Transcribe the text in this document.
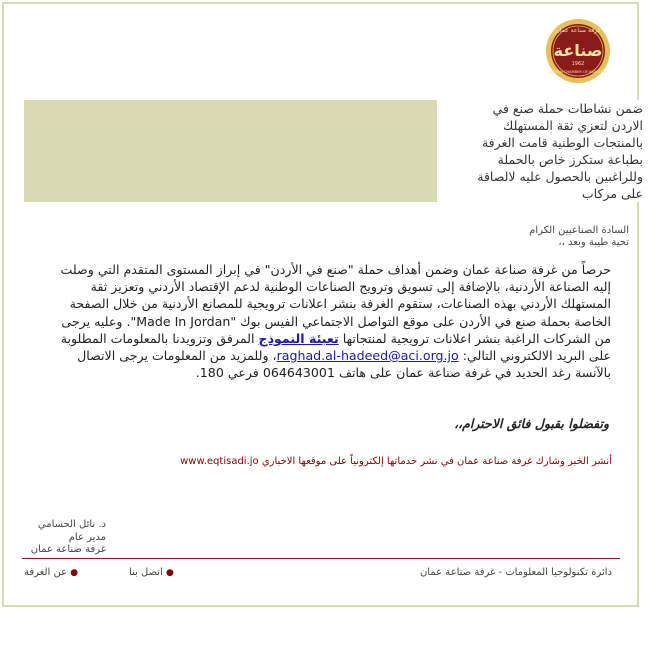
غرفة صناعة عمان
صناعة
1962
AMMAN CHAMBER OF INDUSTRY
ضمن نشاطات حملة صنع في
الاردن لتعزي ثقة المستهلك
بالمنتجات الوطنية قامت الغرفة
بطباعة ستكرز خاص بالحملة
وللراغبين بالحصول عليه لالصاقة
على مركاب
السادة الصناعيين الكرام
تحية طيبة وبعد ،،
حرصاً من غرفة صناعة عمان وضمن أهداف حملة "صنع في الأردن" في إبراز المستوى المتقدم التي وصلت إليه الصناعة الأردنية، بالإضافة إلى تسويق وترويج الصناعات الوطنية لدعم الإقتصاد الأردني وتعزيز ثقة المستهلك الأردني بهذه الصناعات، ستقوم الغرفة بنشر اعلانات ترويجية للمصانع الأردنية من خلال الصفحة الخاصة بحملة صنع في الأردن على موقع التواصل الاجتماعي الفيس بوك "Made In Jordan". وعليه يرجى من الشركات الراغبة بنشر اعلانات ترويجية لمنتجاتها تعبئة النموذج المرفق وتزويدنا بالمعلومات المطلوبة على البريد الالكتروني التالي: raghad.al-hadeed@aci.org.jo، وللمزيد من المعلومات يرجى الاتصال بالآنسة رغد الحديد في غرفة صناعة عمان على هاتف 064643001 فرعي 180.
وتفضلوا بقبول فائق الاحترام،،
أنشر الخبر وشارك غرفة صناعة عمان في نشر خدماتها إلكترونياً على موقعها الاخباري www.eqtisadi.jo
د. نائل الحسامي
مدير عام
غرفة صناعة عمان
● اتصل بنا                ● عن الغرفة	دائرة تكنولوجيا المعلومات - غرفة صناعة عمان
